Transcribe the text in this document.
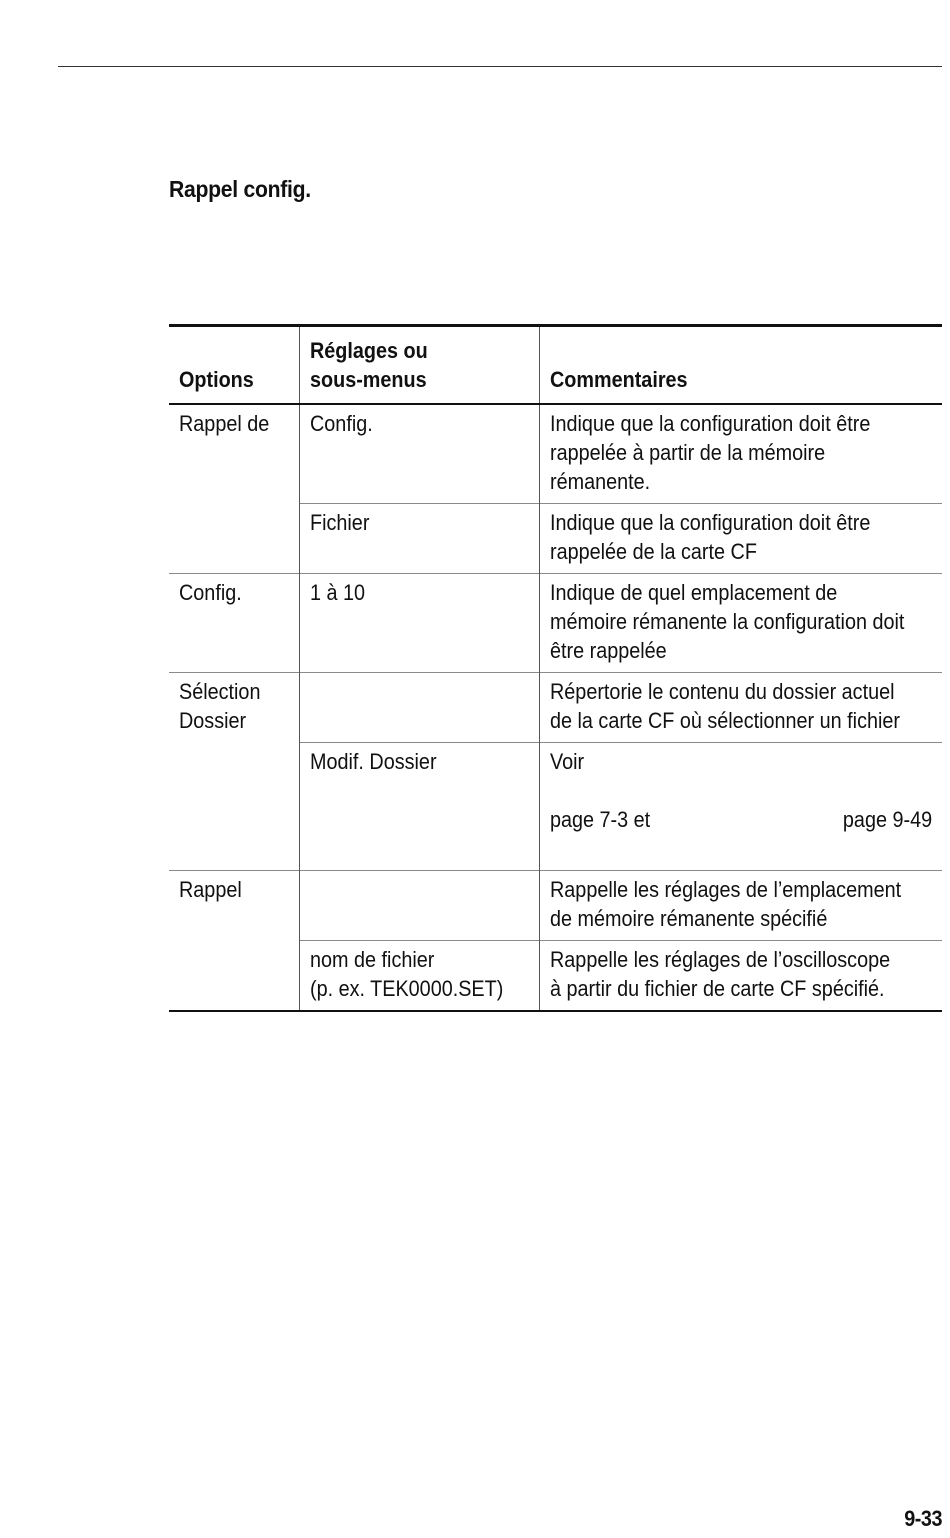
Rappel config.
Options	Réglages ou
sous-menus	Commentaires

Rappel de	Config.	Indique que la configuration doit être
rappelée à partir de la mémoire
rémanente.

	Fichier	Indique que la configuration doit être
rappelée de la carte CF

Config.	1 à 10	Indique de quel emplacement de
mémoire rémanente la configuration doit
être rappelée

Sélection
Dossier		Répertorie le contenu du dossier actuel
de la carte CF où sélectionner un fichier

	Modif. Dossier	Voir

page 7-3 et page 9-49

Rappel		Rappelle les réglages de l’emplacement
de mémoire rémanente spécifié

	nom de fichier
(p. ex. TEK0000.SET)	Rappelle les réglages de l’oscilloscope
à partir du fichier de carte CF spécifié.
9-33
